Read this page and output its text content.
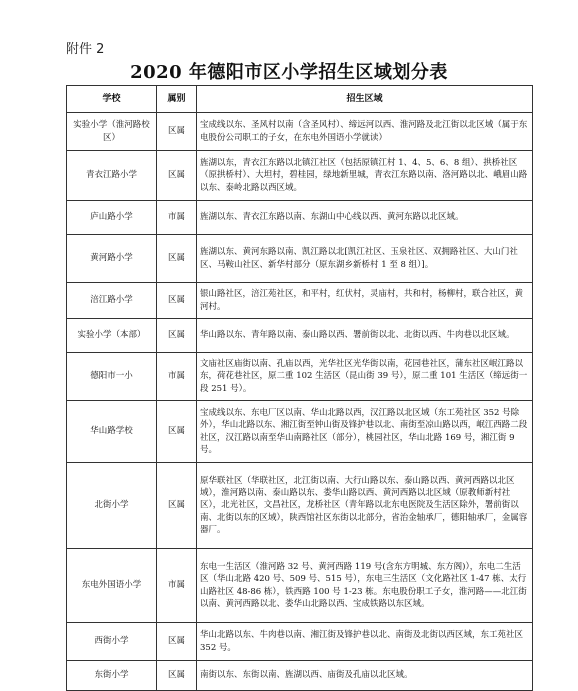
附件 2
2020 年德阳市区小学招生区域划分表
学校	属别	招生区域
实验小学（淮河路校区）	区属	宝成线以东、圣风村以南（含圣风村）、缔远河以西、淮河路及北江街以北区域（属于东电股份公司职工的子女，在东电外国语小学就读）
青衣江路小学	区属	旌湖以东，青衣江东路以北镇江社区（包括原镇江村 1、4、5、6、8 组）、拱桥社区（原拱桥村）、大坦村，碧桂园，绿地新里城，青衣江东路以南、洛河路以北、峨眉山路以东、泰岭北路以西区域。
庐山路小学	市属	旌湖以东、青衣江东路以南、东湖山中心线以西、黄河东路以北区域。
黄河路小学	区属	旌湖以东、黄河东路以南、凯江路以北[凯江社区、玉泉社区、双拥路社区、大山门社区、马鞍山社区、新华村部分（原东湖乡新桥村 1 至 8 组）]。
涪江路小学	区属	银山路社区，涪江苑社区，和平村，红伏村，灵庙村，共和村，杨柳村，联合社区，黄河村。
实验小学（本部）	区属	华山路以东、青年路以南、泰山路以西、署前街以北、北街以西、牛肉巷以北区域。
德阳市一小	市属	文庙社区庙街以南、孔庙以西，光华社区光华街以南，花园巷社区，蒲东社区岷江路以东，荷花巷社区，原二重 102 生活区（昆山街 39 号），原二重 101 生活区（缔远街一段 251 号）。
华山路学校	区属	宝成线以东、东电厂区以南、华山北路以西，汉江路以北区域（东工苑社区 352 号除外），华山北路以东、湘江街至钟山街及锋护巷以北、南街至凉山路以西，岷江西路二段社区，汉江路以南至华山南路社区（部分），桃园社区，华山北路 169 号，湘江街 9 号。
北街小学	区属	原华联社区（华联社区，北江街以南、大行山路以东、泰山路以西、黄河西路以北区域），淮河路以南、泰山路以东、娄华山路以西、黄河西路以北区域（原教师新村社区），北光社区，文昌社区，龙桥社区（青年路以北东电医院及生活区除外，署前街以南、北街以东的区域），陕西馆社区东街以北部分，省治金轴承厂，德阳轴承厂，金属容器厂。
东电外国语小学	市属	东电一生活区（淮河路 32 号、黄河西路 119 号(含东方明城、东方阁)），东电二生活区（华山北路 420 号、509 号、515 号），东电三生活区（文化路社区 1-47 栋、太行山路社区 48-86 栋），铁西路 100 号 1-23 栋。东电股份职工子女，淮河路——北江街以南、黄河西路以北、娄华山北路以西、宝成铁路以东区域。
西街小学	区属	华山北路以东、牛肉巷以南、湘江街及锋护巷以北、南街及北街以西区域，东工苑社区 352 号。
东街小学	区属	南街以东、东街以南、旌湖以西、庙街及孔庙以北区域。
